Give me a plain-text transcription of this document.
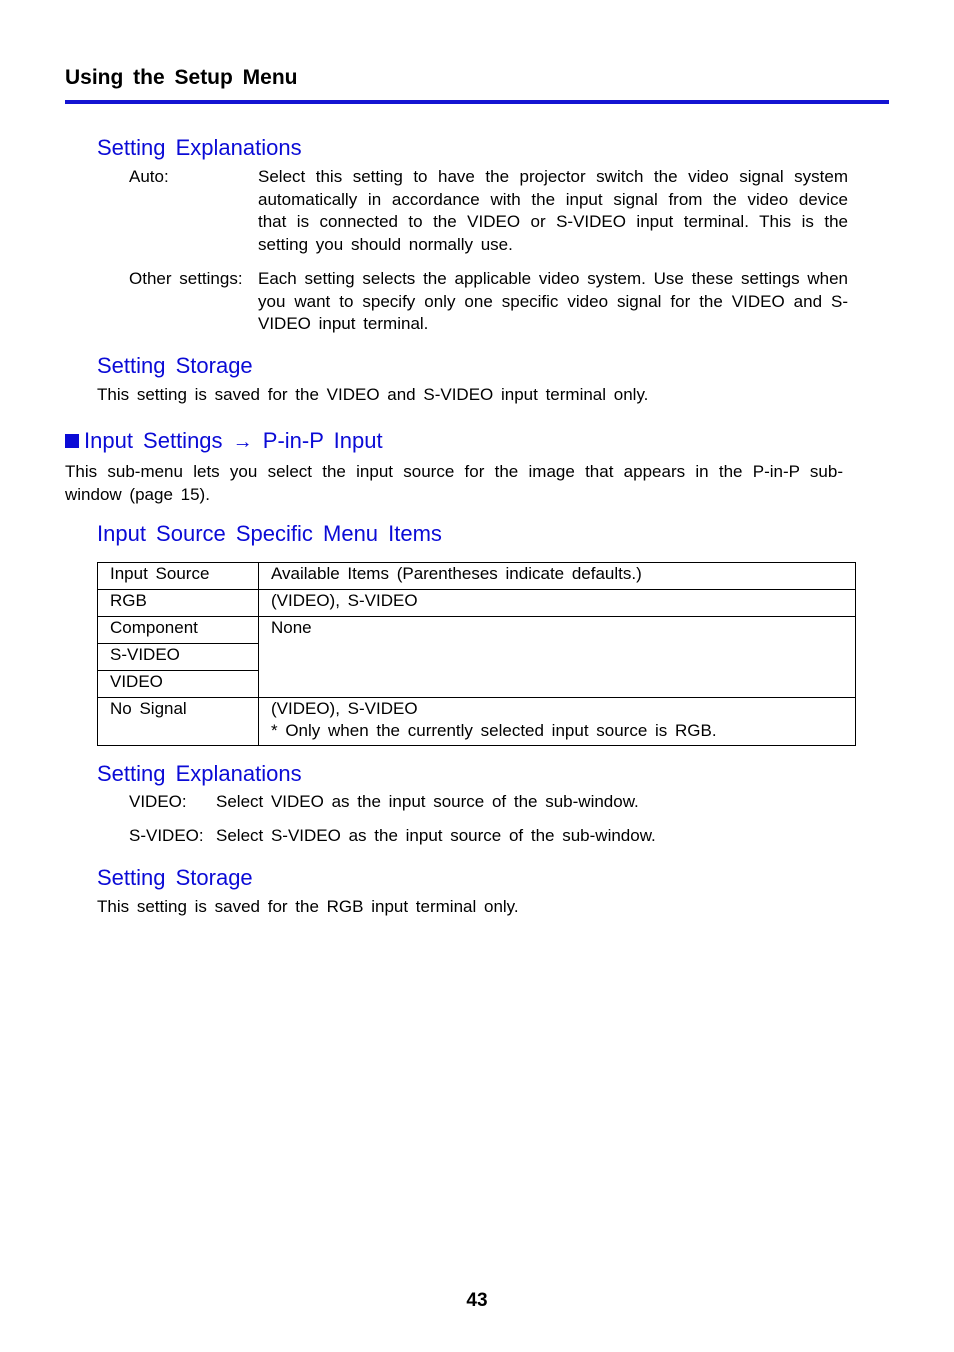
Using the Setup Menu
Setting Explanations
Auto:	Select this setting to have the projector switch the video signal system automatically in accordance with the input signal from the video device that is connected to the VIDEO or S-VIDEO input terminal. This is the setting you should normally use.
Other settings: Each setting selects the applicable video system. Use these settings when you want to specify only one specific video signal for the VIDEO and S-VIDEO input terminal.
Setting Storage
This setting is saved for the VIDEO and S-VIDEO input terminal only.
Input Settings → P-in-P Input
This sub-menu lets you select the input source for the image that appears in the P-in-P sub-window (page 15).
Input Source Specific Menu Items
Input Source	Available Items (Parentheses indicate defaults.)
RGB	(VIDEO), S-VIDEO
Component	None
S-VIDEO	
VIDEO	
No Signal	(VIDEO), S-VIDEO
* Only when the currently selected input source is RGB.
Setting Explanations
VIDEO: Select VIDEO as the input source of the sub-window.
S-VIDEO: Select S-VIDEO as the input source of the sub-window.
Setting Storage
This setting is saved for the RGB input terminal only.
43
